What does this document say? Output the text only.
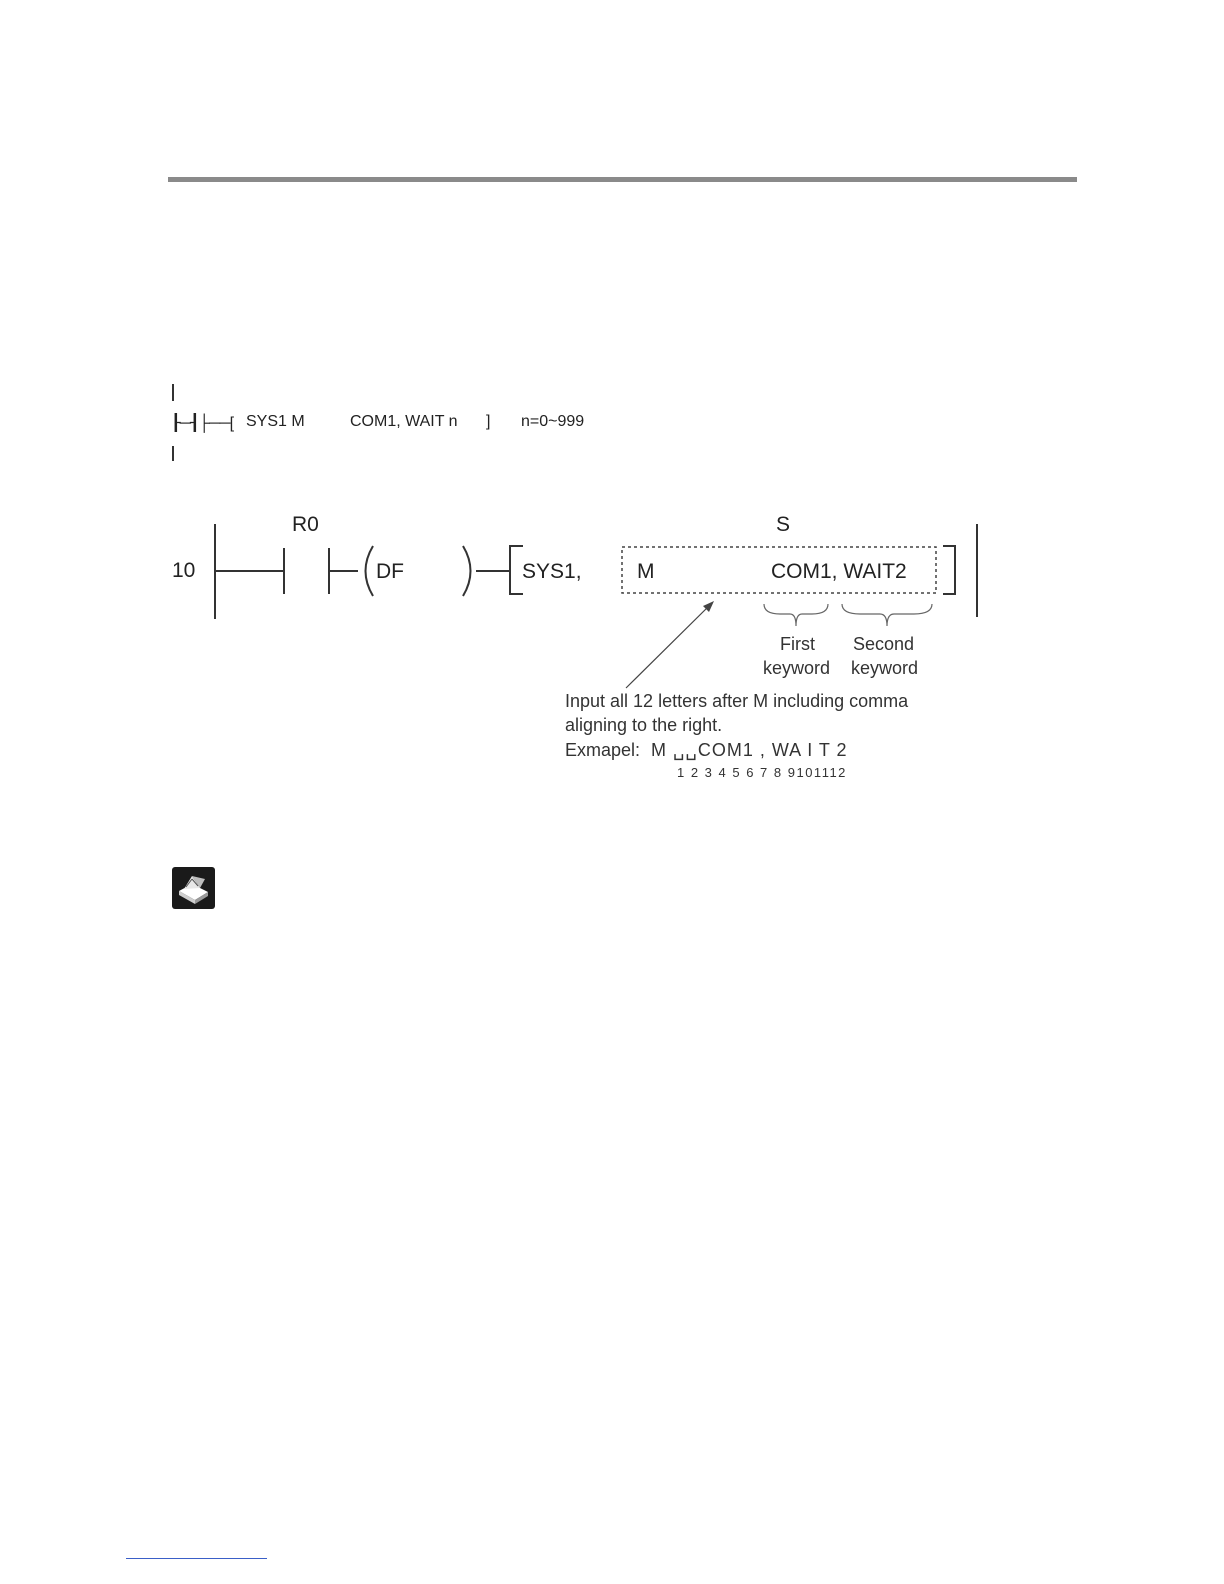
┠─┨├──[ SYS1 M	COM1, WAIT n ] n=0~999
10
R0
DF	SYS1,
S
M	COM1, WAIT2
First
keyword
Second
keyword
Input all 12 letters after M including comma
aligning to the right.
Exmapel: M ␣␣COM1 , WA I T 2
1 2 3 4 5 6 7 8 9101112
